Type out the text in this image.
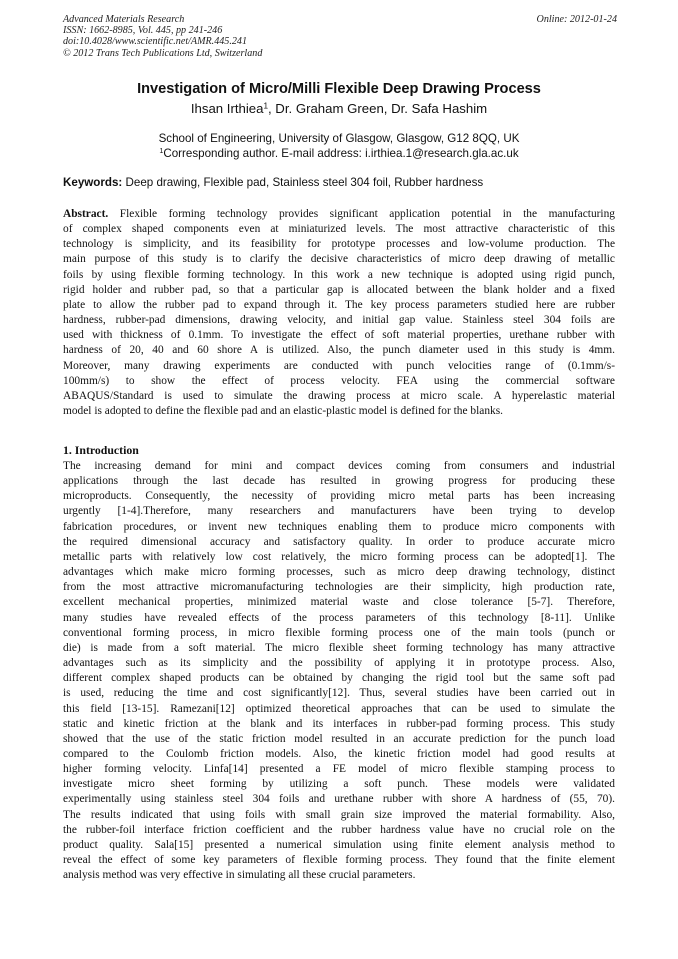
Advanced Materials Research
ISSN: 1662-8985, Vol. 445, pp 241-246
doi:10.4028/www.scientific.net/AMR.445.241
© 2012 Trans Tech Publications Ltd, Switzerland
Online: 2012-01-24
Investigation of Micro/Milli Flexible Deep Drawing Process
Ihsan Irthiea$^1$, Dr. Graham Green, Dr. Safa Hashim
School of Engineering, University of Glasgow, Glasgow, G12 8QQ, UK
$^1$Corresponding author. E-mail address: i.irthiea.1@research.gla.ac.uk
Keywords: Deep drawing, Flexible pad, Stainless steel 304 foil, Rubber hardness
Abstract. Flexible forming technology provides significant application potential in the manufacturing
of complex shaped components even at miniaturized levels. The most attractive characteristic of this
technology is simplicity, and its feasibility for prototype processes and low-volume production. The
main purpose of this study is to clarify the decisive characteristics of micro deep drawing of metallic
foils by using flexible forming technology. In this work a new technique is adopted using rigid punch,
rigid holder and rubber pad, so that a particular gap is allocated between the blank holder and a fixed
plate to allow the rubber pad to expand through it. The key process parameters studied here are rubber
hardness, rubber-pad dimensions, drawing velocity, and initial gap value. Stainless steel 304 foils are
used with thickness of 0.1mm. To investigate the effect of soft material properties, urethane rubber with
hardness of 20, 40 and 60 shore A is utilized. Also, the punch diameter used in this study is 4mm.
Moreover, many drawing experiments are conducted with punch velocities range of (0.1mm/s-
100mm/s) to show the effect of process velocity. FEA using the commercial software
ABAQUS/Standard is used to simulate the drawing process at micro scale. A hyperelastic material
model is adopted to define the flexible pad and an elastic-plastic model is defined for the blanks.
1. Introduction
The increasing demand for mini and compact devices coming from consumers and industrial
applications through the last decade has resulted in growing progress for producing these
microproducts. Consequently, the necessity of providing micro metal parts has been increasing
urgently [1-4].Therefore, many researchers and manufacturers have been trying to develop
fabrication procedures, or invent new techniques enabling them to produce micro components with
the required dimensional accuracy and satisfactory quality. In order to produce accurate micro
metallic parts with relatively low cost relatively, the micro forming process can be adopted[1]. The
advantages which make micro forming processes, such as micro deep drawing technology, distinct
from the most attractive micromanufacturing technologies are their simplicity, high production rate,
excellent mechanical properties, minimized material waste and close tolerance [5-7]. Therefore,
many studies have revealed effects of the process parameters of this technology [8-11]. Unlike
conventional forming process, in micro flexible forming process one of the main tools (punch or
die) is made from a soft material. The micro flexible sheet forming technology has many attractive
advantages such as its simplicity and the possibility of applying it in prototype process. Also,
different complex shaped products can be obtained by changing the rigid tool but the same soft pad
is used, reducing the time and cost significantly[12]. Thus, several studies have been carried out in
this field [13-15]. Ramezani[12] optimized theoretical approaches that can be used to simulate the
static and kinetic friction at the blank and its interfaces in rubber-pad forming process. This study
showed that the use of the static friction model resulted in an accurate prediction for the punch load
compared to the Coulomb friction models. Also, the kinetic friction model had good results at
higher forming velocity. Linfa[14] presented a FE model of micro flexible stamping process to
investigate micro sheet forming by utilizing a soft punch. These models were validated
experimentally using stainless steel 304 foils and urethane rubber with shore A hardness of (55, 70).
The results indicated that using foils with small grain size improved the material formability. Also,
the rubber-foil interface friction coefficient and the rubber hardness value have no crucial role on the
product quality. Sala[15] presented a numerical simulation using finite element analysis method to
reveal the effect of some key parameters of flexible forming process. They found that the finite element
analysis method was very effective in simulating all these crucial parameters.
